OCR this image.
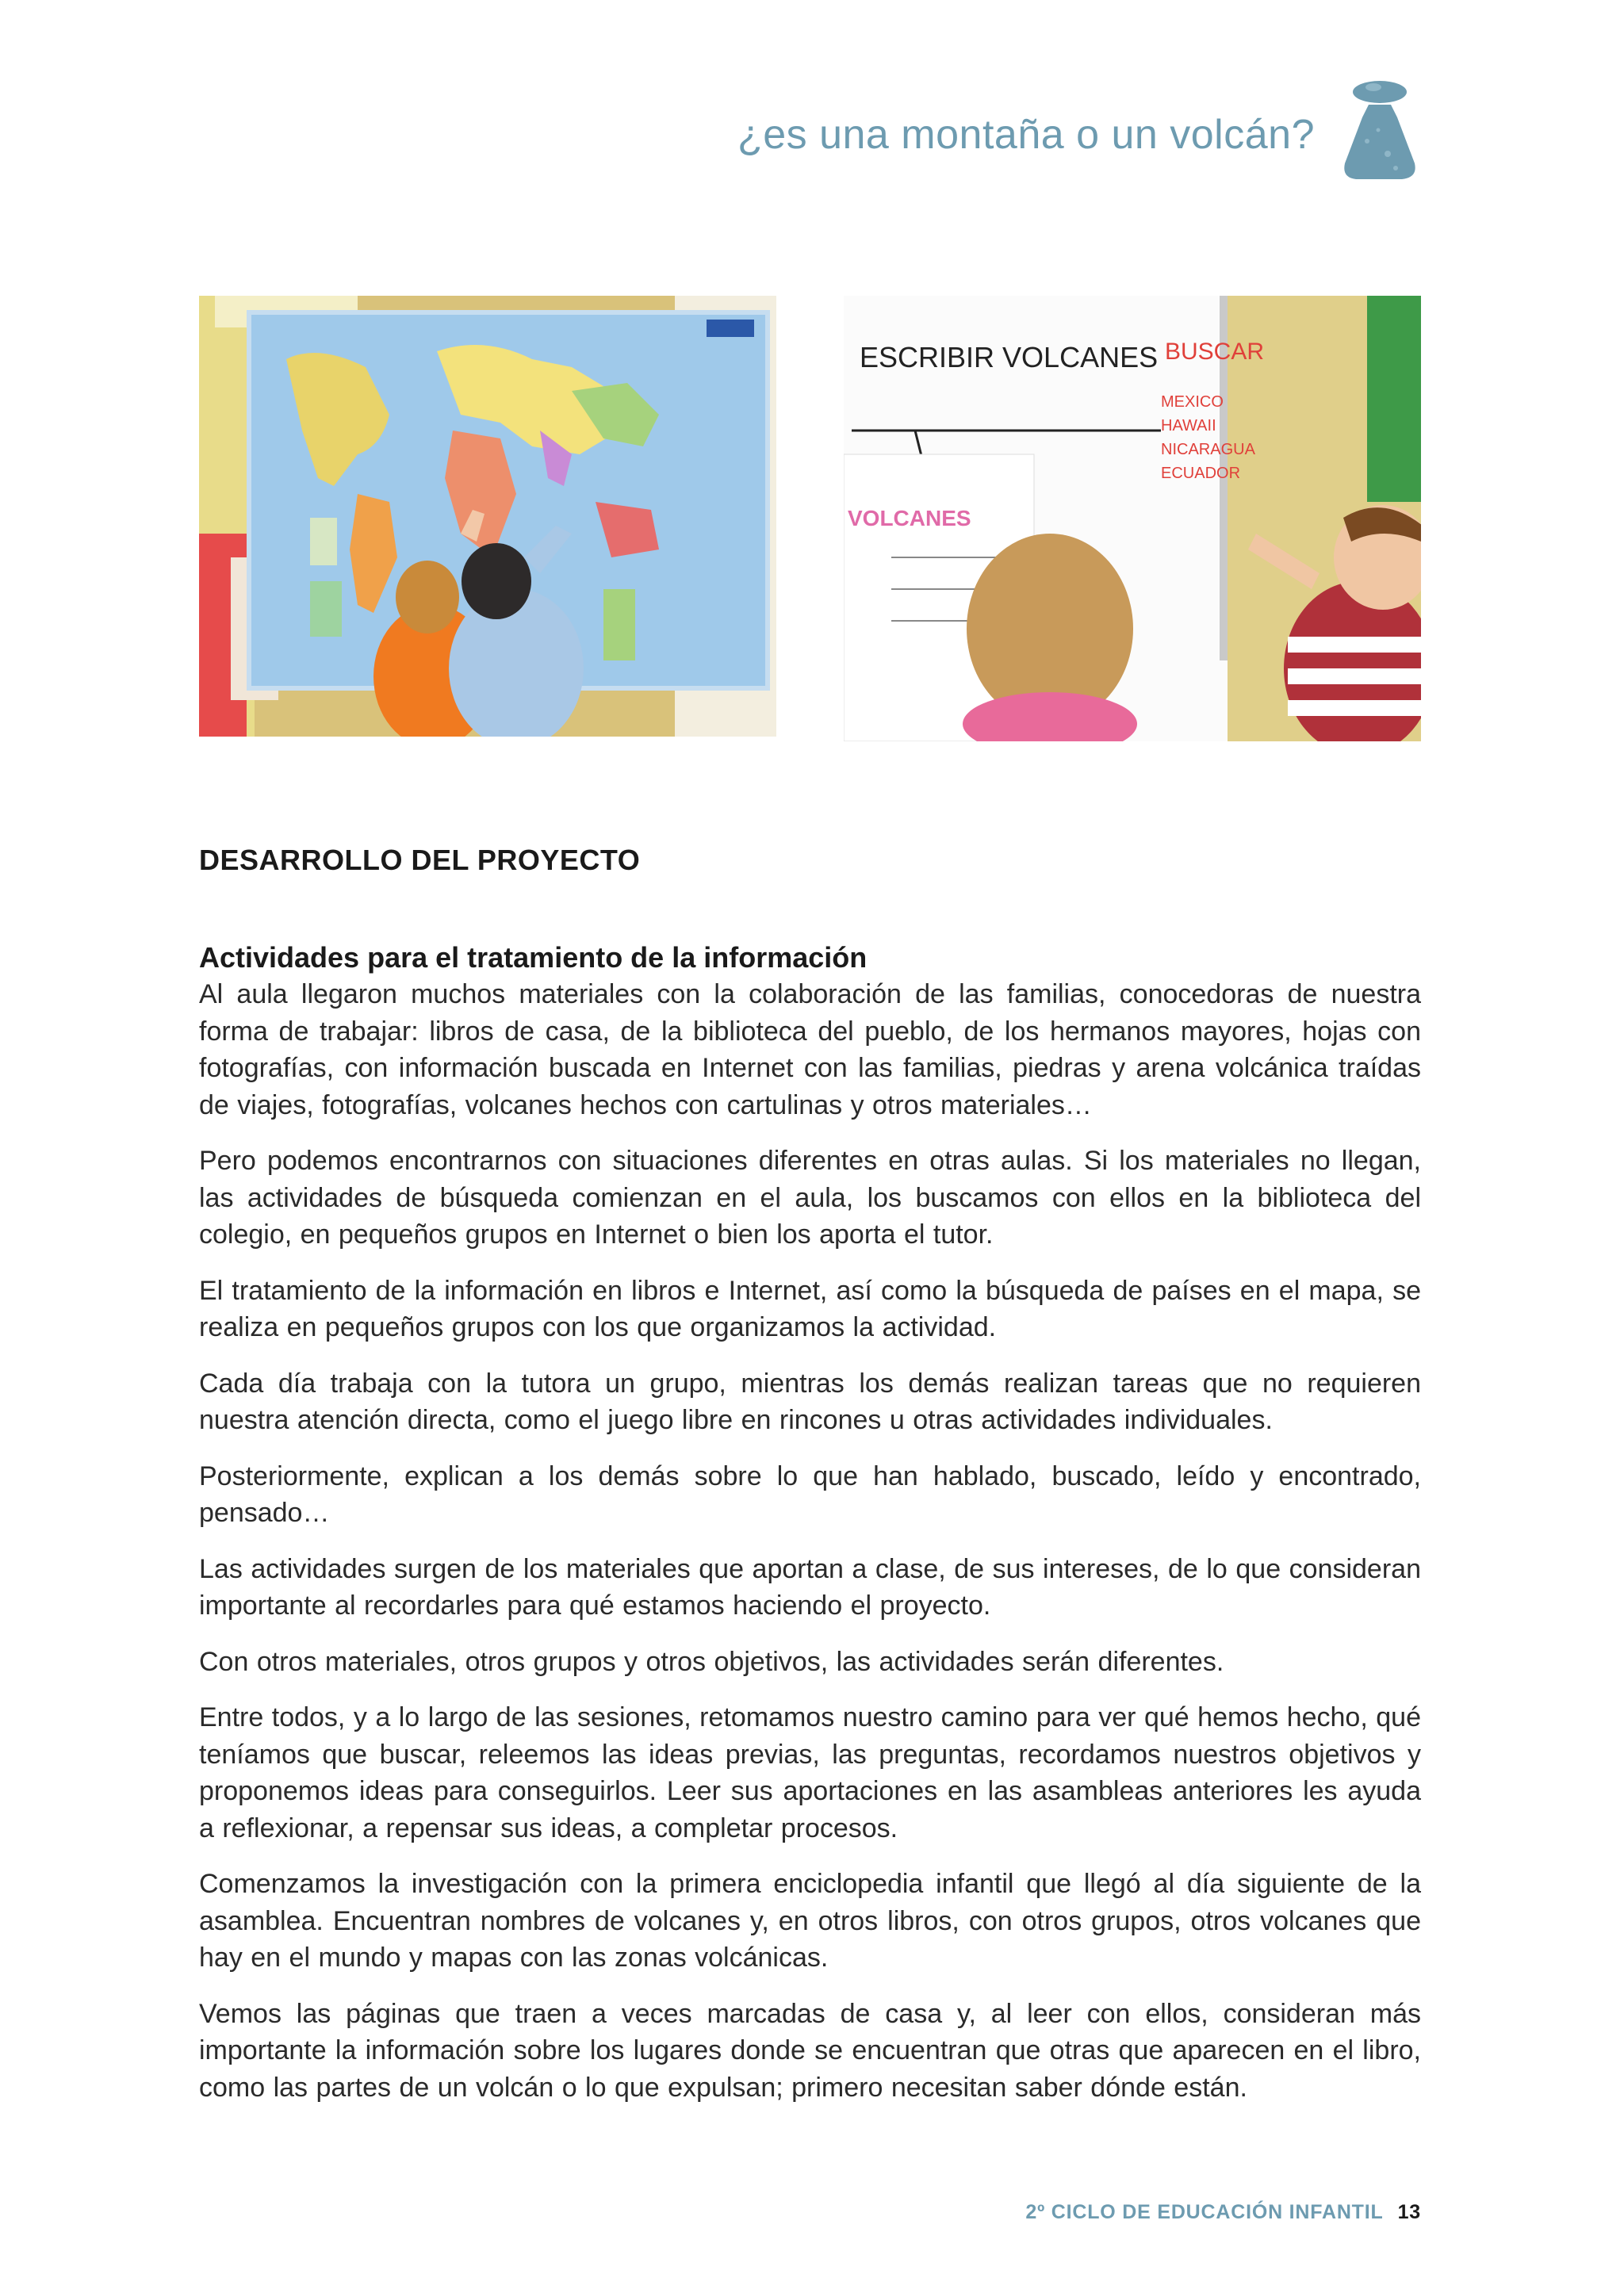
¿es una montaña o un volcán?
ESCRIBIR VOLCANES BUSCAR
MEXICO
HAWAII
NICARAGUA
ECUADOR
VOLCANES
DESARROLLO DEL PROYECTO
Actividades para el tratamiento de la información

Al aula llegaron muchos materiales con la colaboración de las familias, conocedoras de nuestra forma de trabajar: libros de casa, de la biblioteca del pueblo, de los hermanos mayores, hojas con fotografías, con información buscada en Internet con las familias, piedras y arena volcánica traídas de viajes, fotografías, volcanes hechos con cartulinas y otros materiales…

Pero podemos encontrarnos con situaciones diferentes en otras aulas. Si los materiales no llegan, las actividades de búsqueda comienzan en el aula, los buscamos con ellos en la biblioteca del colegio, en pequeños grupos en Internet o bien los aporta el tutor.

El tratamiento de la información en libros e Internet, así como la búsqueda de países en el mapa, se realiza en pequeños grupos con los que organizamos la actividad.

Cada día trabaja con la tutora un grupo, mientras los demás realizan tareas que no requieren nuestra atención directa, como el juego libre en rincones u otras actividades individuales.

Posteriormente, explican a los demás sobre lo que han hablado, buscado, leído y encontrado, pensado…

Las actividades surgen de los materiales que aportan a clase, de sus intereses, de lo que consideran importante al recordarles para qué estamos haciendo el proyecto.

Con otros materiales, otros grupos y otros objetivos, las actividades serán diferentes.

Entre todos, y a lo largo de las sesiones, retomamos nuestro camino para ver qué hemos hecho, qué teníamos que buscar, releemos las ideas previas, las preguntas, recordamos nuestros objetivos y proponemos ideas para conseguirlos. Leer sus aportaciones en las asambleas anteriores les ayuda a reflexionar, a repensar sus ideas, a completar procesos.

Comenzamos la investigación con la primera enciclopedia infantil que llegó al día siguiente de la asamblea. Encuentran nombres de volcanes y, en otros libros, con otros grupos, otros volcanes que hay en el mundo y mapas con las zonas volcánicas.

Vemos las páginas que traen a veces marcadas de casa y, al leer con ellos, consideran más importante la información sobre los lugares donde se encuentran que otras que aparecen en el libro, como las partes de un volcán o lo que expulsan; primero necesitan saber dónde están.

2º CICLO DE EDUCACIÓN INFANTIL 13
